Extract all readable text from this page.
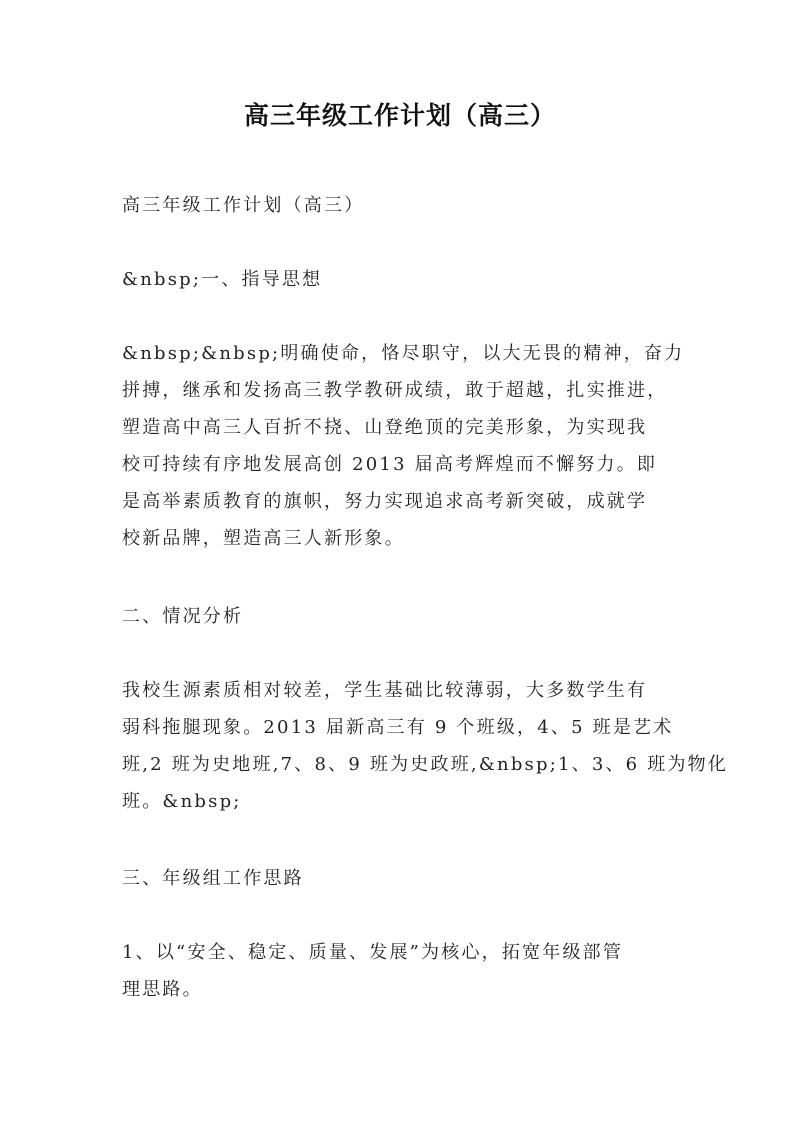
高三年级工作计划（高三）

高三年级工作计划（高三）

&nbsp;一、指导思想

&nbsp;&nbsp;明确使命，恪尽职守，以大无畏的精神，奋力
拼搏，继承和发扬高三教学教研成绩，敢于超越，扎实推进，
塑造高中高三人百折不挠、山登绝顶的完美形象，为实现我
校可持续有序地发展高创 2013 届高考辉煌而不懈努力。即
是高举素质教育的旗帜，努力实现追求高考新突破，成就学
校新品牌，塑造高三人新形象。

二、情况分析

我校生源素质相对较差，学生基础比较薄弱，大多数学生有
弱科拖腿现象。2013 届新高三有 9 个班级，4、5 班是艺术
班,2 班为史地班,7、8、9 班为史政班,&nbsp;1、3、6 班为物化
班。&nbsp;

三、年级组工作思路

1、以“安全、稳定、质量、发展”为核心，拓宽年级部管
理思路。
